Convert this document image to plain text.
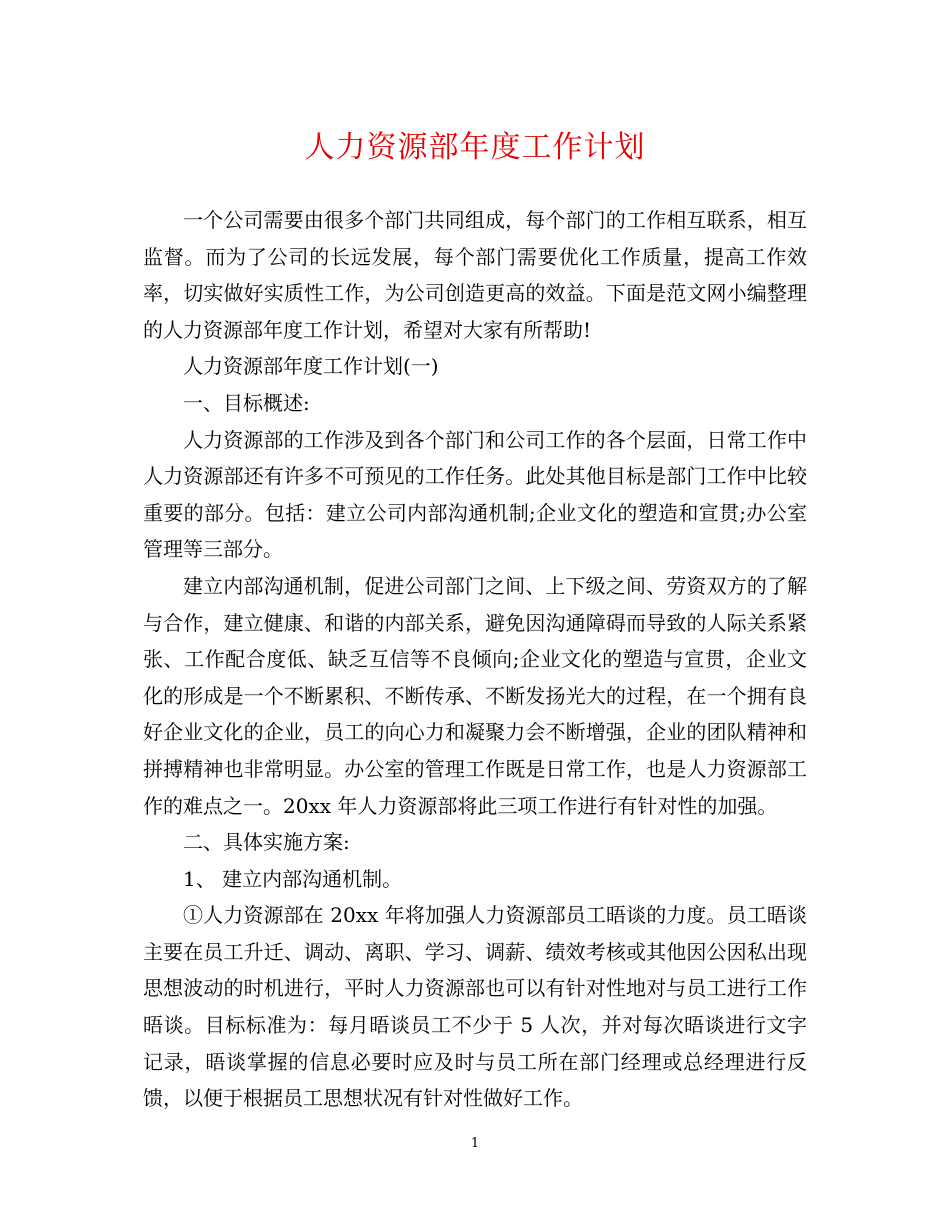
人力资源部年度工作计划

一个公司需要由很多个部门共同组成，每个部门的工作相互联系，相互监督。而为了公司的长远发展，每个部门需要优化工作质量，提高工作效率，切实做好实质性工作，为公司创造更高的效益。下面是范文网小编整理的人力资源部年度工作计划，希望对大家有所帮助!

人力资源部年度工作计划(一)

一、目标概述:

人力资源部的工作涉及到各个部门和公司工作的各个层面，日常工作中人力资源部还有许多不可预见的工作任务。此处其他目标是部门工作中比较重要的部分。包括：建立公司内部沟通机制;企业文化的塑造和宣贯;办公室管理等三部分。

建立内部沟通机制，促进公司部门之间、上下级之间、劳资双方的了解与合作，建立健康、和谐的内部关系，避免因沟通障碍而导致的人际关系紧张、工作配合度低、缺乏互信等不良倾向;企业文化的塑造与宣贯，企业文化的形成是一个不断累积、不断传承、不断发扬光大的过程，在一个拥有良好企业文化的企业，员工的向心力和凝聚力会不断增强，企业的团队精神和拼搏精神也非常明显。办公室的管理工作既是日常工作，也是人力资源部工作的难点之一。20xx 年人力资源部将此三项工作进行有针对性的加强。

二、具体实施方案:

1、 建立内部沟通机制。

①人力资源部在 20xx 年将加强人力资源部员工晤谈的力度。员工晤谈主要在员工升迁、调动、离职、学习、调薪、绩效考核或其他因公因私出现思想波动的时机进行，平时人力资源部也可以有针对性地对与员工进行工作晤谈。目标标准为：每月晤谈员工不少于 5 人次，并对每次晤谈进行文字记录，晤谈掌握的信息必要时应及时与员工所在部门经理或总经理进行反馈，以便于根据员工思想状况有针对性做好工作。

1
